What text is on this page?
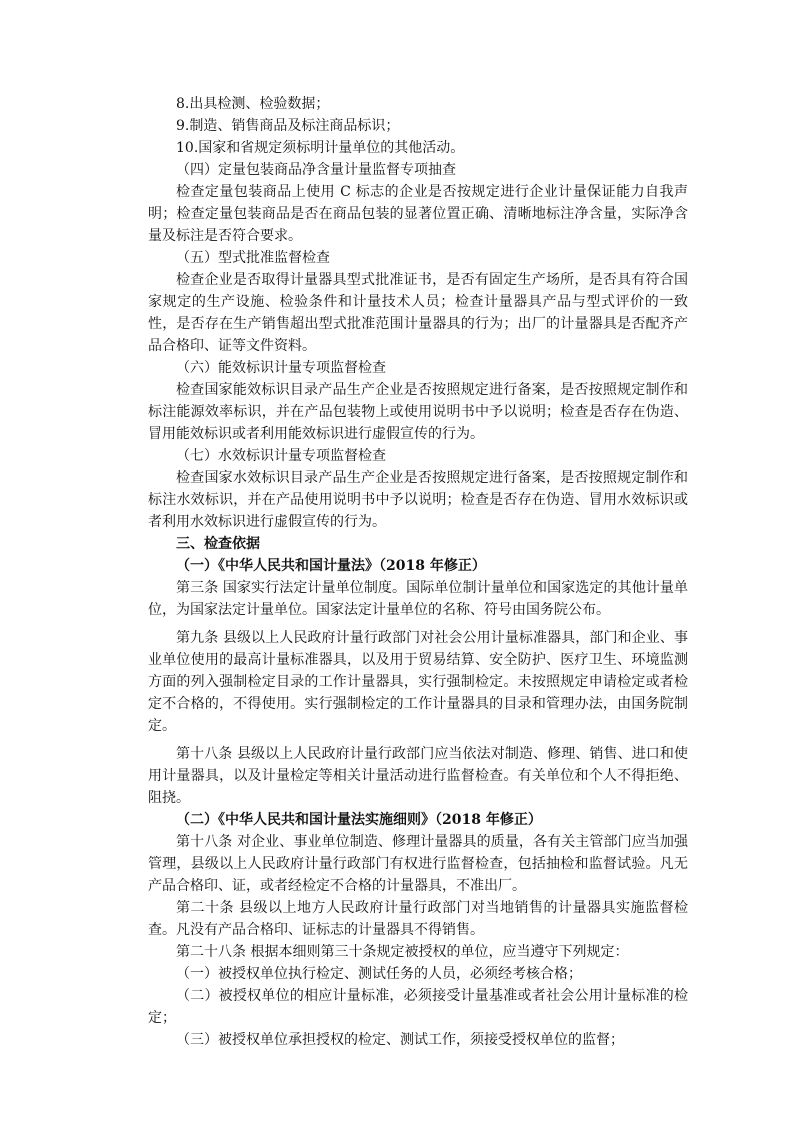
8.出具检测、检验数据；

9.制造、销售商品及标注商品标识；

10.国家和省规定须标明计量单位的其他活动。

（四）定量包装商品净含量计量监督专项抽查

检查定量包装商品上使用 C 标志的企业是否按规定进行企业计量保证能力自我声明；检查定量包装商品是否在商品包装的显著位置正确、清晰地标注净含量，实际净含量及标注是否符合要求。

（五）型式批准监督检查

检查企业是否取得计量器具型式批准证书，是否有固定生产场所，是否具有符合国家规定的生产设施、检验条件和计量技术人员；检查计量器具产品与型式评价的一致性，是否存在生产销售超出型式批准范围计量器具的行为；出厂的计量器具是否配齐产品合格印、证等文件资料。

（六）能效标识计量专项监督检查

检查国家能效标识目录产品生产企业是否按照规定进行备案，是否按照规定制作和标注能源效率标识，并在产品包装物上或使用说明书中予以说明；检查是否存在伪造、冒用能效标识或者利用能效标识进行虚假宣传的行为。

（七）水效标识计量专项监督检查

检查国家水效标识目录产品生产企业是否按照规定进行备案，是否按照规定制作和标注水效标识，并在产品使用说明书中予以说明；检查是否存在伪造、冒用水效标识或者利用水效标识进行虚假宣传的行为。

三、检查依据

（一）《中华人民共和国计量法》（2018 年修正）

第三条 国家实行法定计量单位制度。国际单位制计量单位和国家选定的其他计量单位，为国家法定计量单位。国家法定计量单位的名称、符号由国务院公布。

第九条 县级以上人民政府计量行政部门对社会公用计量标准器具，部门和企业、事业单位使用的最高计量标准器具，以及用于贸易结算、安全防护、医疗卫生、环境监测方面的列入强制检定目录的工作计量器具，实行强制检定。未按照规定申请检定或者检定不合格的，不得使用。实行强制检定的工作计量器具的目录和管理办法，由国务院制定。

第十八条 县级以上人民政府计量行政部门应当依法对制造、修理、销售、进口和使用计量器具，以及计量检定等相关计量活动进行监督检查。有关单位和个人不得拒绝、阻挠。

（二）《中华人民共和国计量法实施细则》（2018 年修正）

第十八条 对企业、事业单位制造、修理计量器具的质量，各有关主管部门应当加强管理，县级以上人民政府计量行政部门有权进行监督检查，包括抽检和监督试验。凡无产品合格印、证，或者经检定不合格的计量器具，不准出厂。

第二十条 县级以上地方人民政府计量行政部门对当地销售的计量器具实施监督检查。凡没有产品合格印、证标志的计量器具不得销售。

第二十八条 根据本细则第三十条规定被授权的单位，应当遵守下列规定：

（一）被授权单位执行检定、测试任务的人员，必须经考核合格；

（二）被授权单位的相应计量标准，必须接受计量基准或者社会公用计量标准的检定；

（三）被授权单位承担授权的检定、测试工作，须接受授权单位的监督；
